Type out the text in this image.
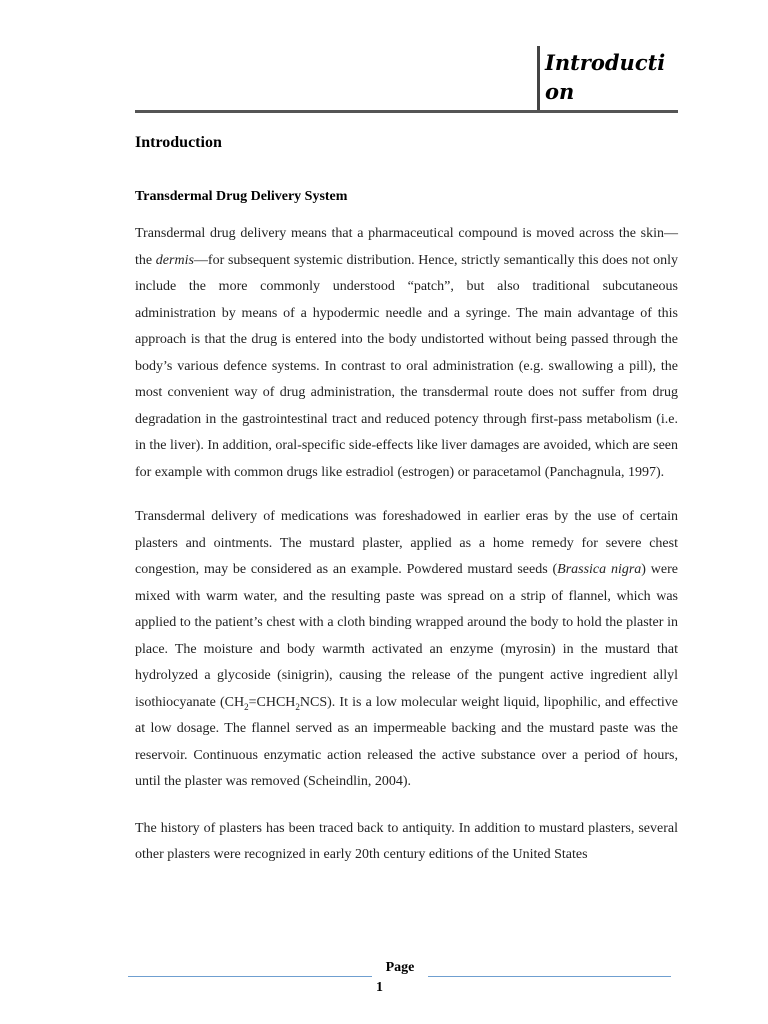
Introduction
Introduction
Transdermal Drug Delivery System

Transdermal drug delivery means that a pharmaceutical compound is moved across the skin—the dermis—for subsequent systemic distribution. Hence, strictly semantically this does not only include the more commonly understood “patch”, but also traditional subcutaneous administration by means of a hypodermic needle and a syringe. The main advantage of this approach is that the drug is entered into the body undistorted without being passed through the body’s various defence systems. In contrast to oral administration (e.g. swallowing a pill), the most convenient way of drug administration, the transdermal route does not suffer from drug degradation in the gastrointestinal tract and reduced potency through first-pass metabolism (i.e. in the liver). In addition, oral-specific side-effects like liver damages are avoided, which are seen for example with common drugs like estradiol (estrogen) or paracetamol (Panchagnula, 1997).

Transdermal delivery of medications was foreshadowed in earlier eras by the use of certain plasters and ointments. The mustard plaster, applied as a home remedy for severe chest congestion, may be considered as an example. Powdered mustard seeds (Brassica nigra) were mixed with warm water, and the resulting paste was spread on a strip of flannel, which was applied to the patient’s chest with a cloth binding wrapped around the body to hold the plaster in place. The moisture and body warmth activated an enzyme (myrosin) in the mustard that hydrolyzed a glycoside (sinigrin), causing the release of the pungent active ingredient allyl isothiocyanate $(CH_2=CHCH_2NCS)$. It is a low molecular weight liquid, lipophilic, and effective at low dosage. The flannel served as an impermeable backing and the mustard paste was the reservoir. Continuous enzymatic action released the active substance over a period of hours, until the plaster was removed (Scheindlin, 2004).

The history of plasters has been traced back to antiquity. In addition to mustard plasters, several other plasters were recognized in early 20th century editions of the United States

Page
1
